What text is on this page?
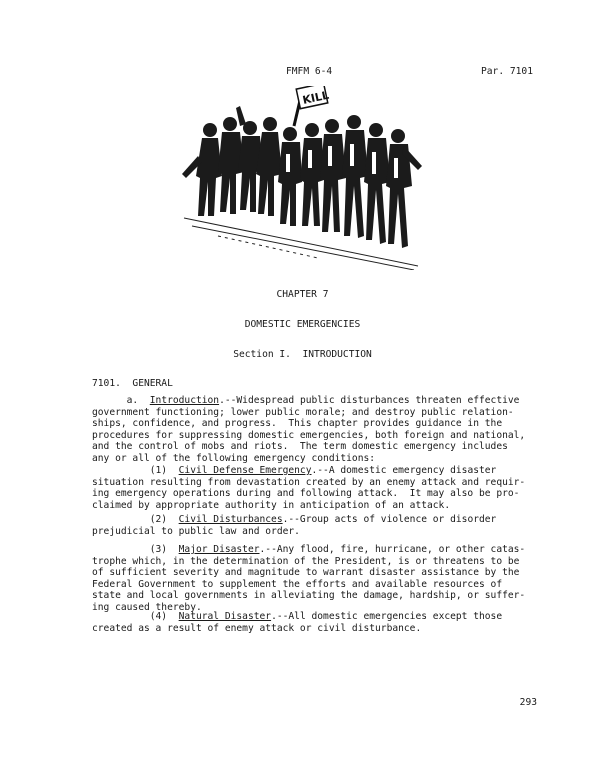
FMFM 6-4	Par. 7101
KILL
CHAPTER 7
DOMESTIC EMERGENCIES
Section I.  INTRODUCTION
7101.  GENERAL
a.  Introduction.--Widespread public disturbances threaten effective
government functioning; lower public morale; and destroy public relation-
ships, confidence, and progress.  This chapter provides guidance in the
procedures for suppressing domestic emergencies, both foreign and national,
and the control of mobs and riots.  The term domestic emergency includes
any or all of the following emergency conditions:
(1)  Civil Defense Emergency.--A domestic emergency disaster
situation resulting from devastation created by an enemy attack and requir-
ing emergency operations during and following attack.  It may also be pro-
claimed by appropriate authority in anticipation of an attack.
(2)  Civil Disturbances.--Group acts of violence or disorder
prejudicial to public law and order.
(3)  Major Disaster.--Any flood, fire, hurricane, or other catas-
trophe which, in the determination of the President, is or threatens to be
of sufficient severity and magnitude to warrant disaster assistance by the
Federal Government to supplement the efforts and available resources of
state and local governments in alleviating the damage, hardship, or suffer-
ing caused thereby.
(4)  Natural Disaster.--All domestic emergencies except those
created as a result of enemy attack or civil disturbance.
293
